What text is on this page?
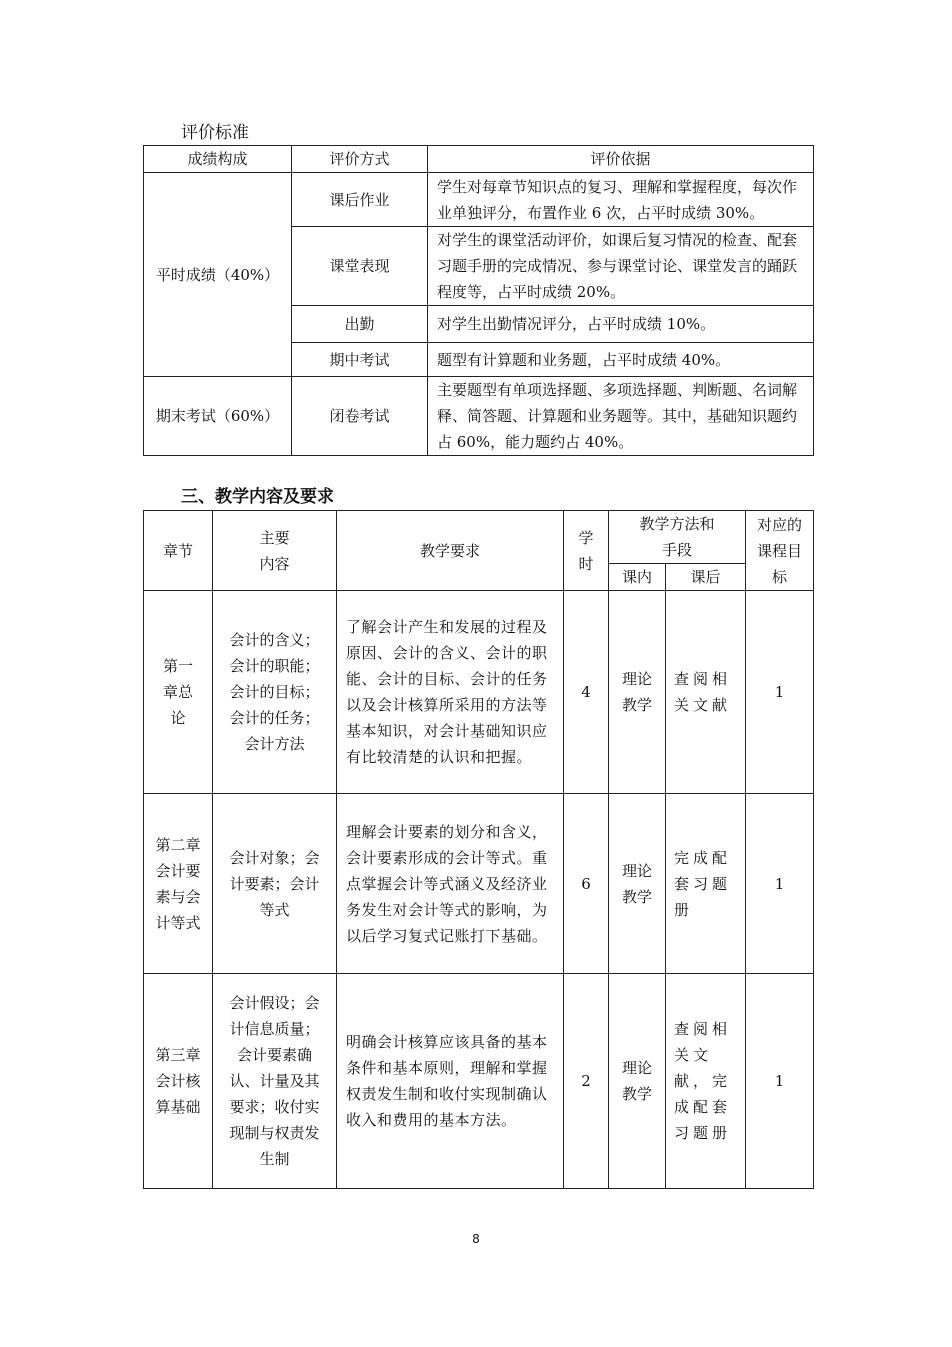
评价标准
成绩构成	评价方式	评价依据
平时成绩（40%）	课后作业	学生对每章节知识点的复习、理解和掌握程度，每次作业单独评分，布置作业 6 次，占平时成绩 30%。
	课堂表现	对学生的课堂活动评价，如课后复习情况的检查、配套习题手册的完成情况、参与课堂讨论、课堂发言的踊跃程度等，占平时成绩 20%。
	出勤	对学生出勤情况评分，占平时成绩 10%。
	期中考试	题型有计算题和业务题，占平时成绩 40%。
期末考试（60%）	闭卷考试	主要题型有单项选择题、多项选择题、判断题、名词解释、简答题、计算题和业务题等。其中，基础知识题约占 60%，能力题约占 40%。
三、教学内容及要求
章节	主要内容	教学要求	学时	教学方法和手段		对应的课程目标

				课内	课后	

第一章总论	会计的含义；会计的职能；会计的目标；会计的任务；会计方法	了解会计产生和发展的过程及原因、会计的含义、会计的职能、会计的目标、会计的任务以及会计核算所采用的方法等基本知识，对会计基础知识应有比较清楚的认识和把握。	4	理论教学	查阅相关文献	1

第二章会计要素与会计等式	会计对象；会计要素；会计等式	理解会计要素的划分和含义，会计要素形成的会计等式。重点掌握会计等式涵义及经济业务发生对会计等式的影响，为以后学习复式记账打下基础。	6	理论教学	完成配套习题册	1

第三章会计核算基础	会计假设；会计信息质量；会计要素确认、计量及其要求；收付实现制与权责发生制	明确会计核算应该具备的基本条件和基本原则，理解和掌握权责发生制和收付实现制确认收入和费用的基本方法。	2	理论教学	查阅相关文献，完成配套习题册	1
8
